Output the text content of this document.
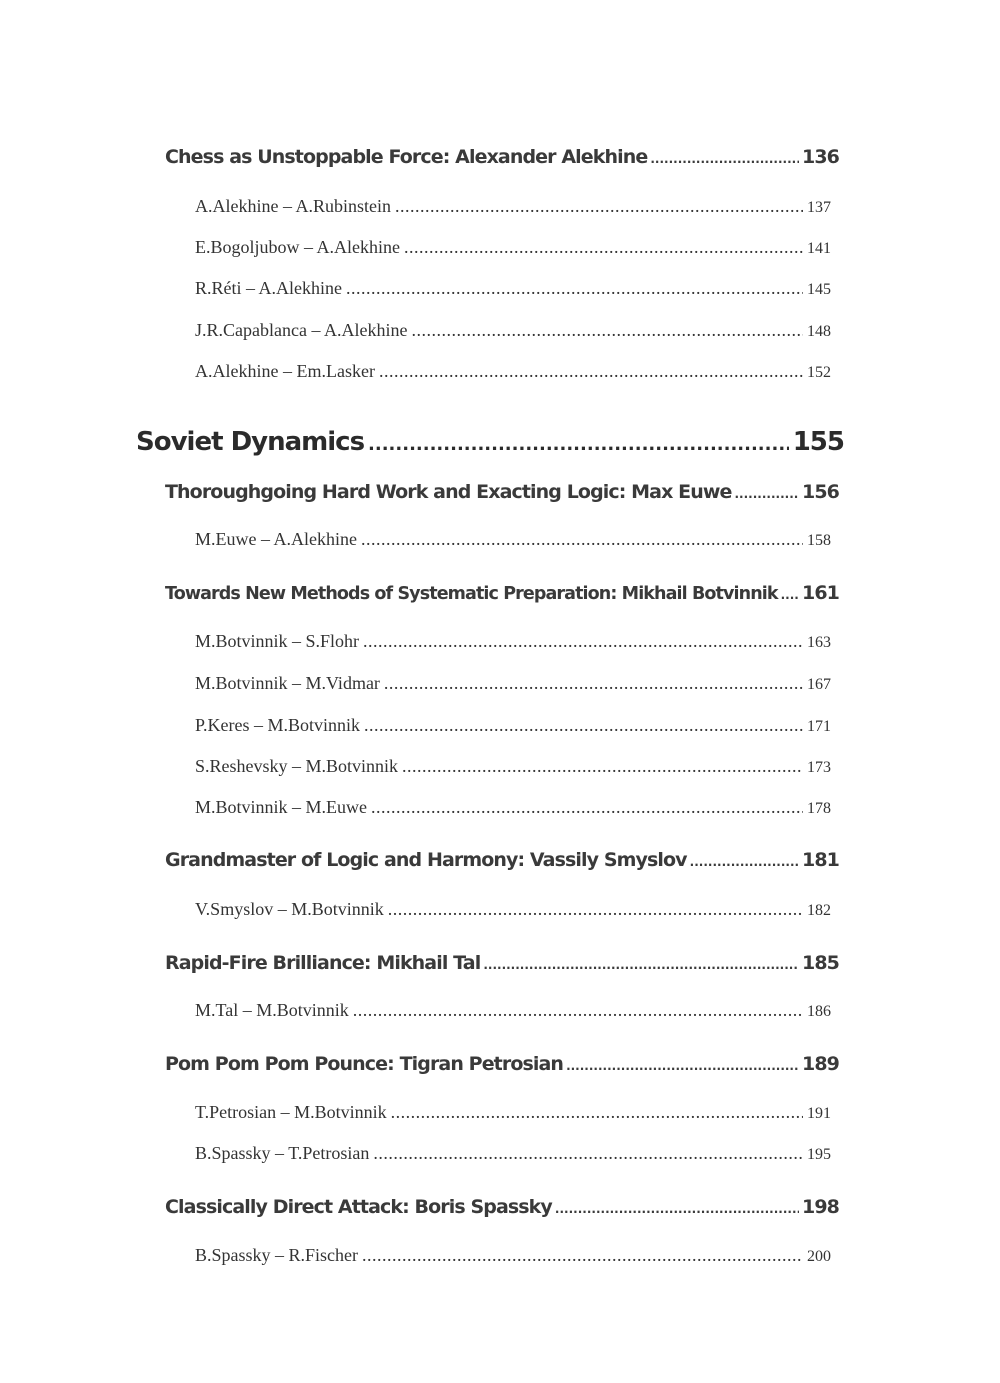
Chess as Unstoppable Force: Alexander Alekhine .....	136
A.Alekhine – A.Rubinstein .....	137
E.Bogoljubow – A.Alekhine .....	141
R.Réti – A.Alekhine .....	145
J.R.Capablanca – A.Alekhine .....	148
A.Alekhine – Em.Lasker .....	152
Soviet Dynamics .....	155
Thoroughgoing Hard Work and Exacting Logic: Max Euwe .....	156
M.Euwe – A.Alekhine .....	158
Towards New Methods of Systematic Preparation: Mikhail Botvinnik ..... 161
M.Botvinnik – S.Flohr .....	163
M.Botvinnik – M.Vidmar .....	167
P.Keres – M.Botvinnik .....	171
S.Reshevsky – M.Botvinnik .....	173
M.Botvinnik – M.Euwe .....	178
Grandmaster of Logic and Harmony: Vassily Smyslov .....	181
V.Smyslov – M.Botvinnik .....	182
Rapid-Fire Brilliance: Mikhail Tal .....	185
M.Tal – M.Botvinnik .....	186
Pom Pom Pom Pounce: Tigran Petrosian .....	189
T.Petrosian – M.Botvinnik .....	191
B.Spassky – T.Petrosian .....	195
Classically Direct Attack: Boris Spassky .....	198
B.Spassky – R.Fischer .....	200
